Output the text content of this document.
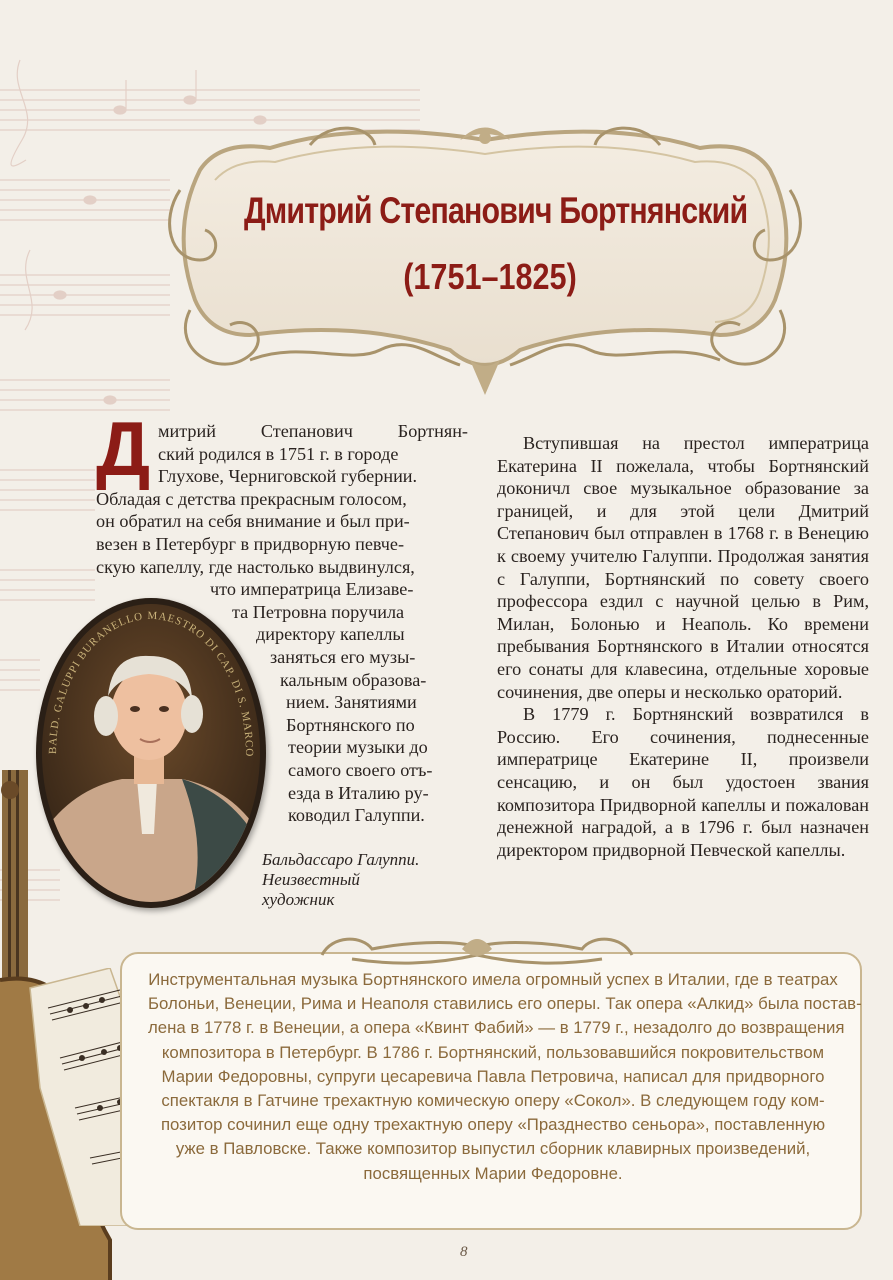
Дмитрий Степанович Бортнянский
(1751–1825)
Д митрий Степанович Бортнян-
ский родился в 1751 г. в городе
Глухове, Черниговской губернии.
Обладая с детства прекрасным голосом,
он обратил на себя внимание и был при-
везен в Петербург в придворную певче-
скую капеллу, где настолько выдвинулся,
что императрица Елизаве-
та Петровна поручила
директору капеллы
заняться его музы-
кальным образова-
нием. Занятиями
Бортнянского по
теории музыки до
самого своего отъ-
езда в Италию ру-
ководил Галуппи.
BALD. GALUPPI BURANELLO MAESTRO DI CAP. DI S. MARCO
Бальдассаро Галуппи.
Неизвестный
художник

Вступившая на престол императрица Екатерина II пожелала, чтобы Бортнянский доконичл свое музыкальное образование за границей, и для этой цели Дмитрий Степанович был отправлен в 1768 г. в Венецию к своему учителю Галуппи. Продолжая занятия с Галуппи, Бортнянский по совету своего профессора ездил с научной целью в Рим, Милан, Болонью и Неаполь. Ко времени пребывания Бортнянского в Италии относятся его сонаты для клавесина, отдельные хоровые сочинения, две оперы и несколько ораторий.

В 1779 г. Бортнянский возвратился в Россию. Его сочинения, поднесенные императрице Екатерине II, произвели сенсацию, и он был удостоен звания композитора Придворной капеллы и пожалован денежной наградой, а в 1796 г. был назначен директором придворной Певческой капеллы.

Инструментальная музыка Бортнянского имела огромный успех в Италии, где в театрах
Болоньи, Венеции, Рима и Неаполя ставились его оперы. Так опера «Алкид» была постав-
лена в 1778 г. в Венеции, а опера «Квинт Фабий» — в 1779 г., незадолго до возвращения
композитора в Петербург. В 1786 г. Бортнянский, пользовавшийся покровительством
Марии Федоровны, супруги цесаревича Павла Петровича, написал для придворного
спектакля в Гатчине трехактную комическую оперу «Сокол». В следующем году ком-
позитор сочинил еще одну трехактную оперу «Празднество сеньора», поставленную
уже в Павловске. Также композитор выпустил сборник клавирных произведений,
посвященных Марии Федоровне.
8
